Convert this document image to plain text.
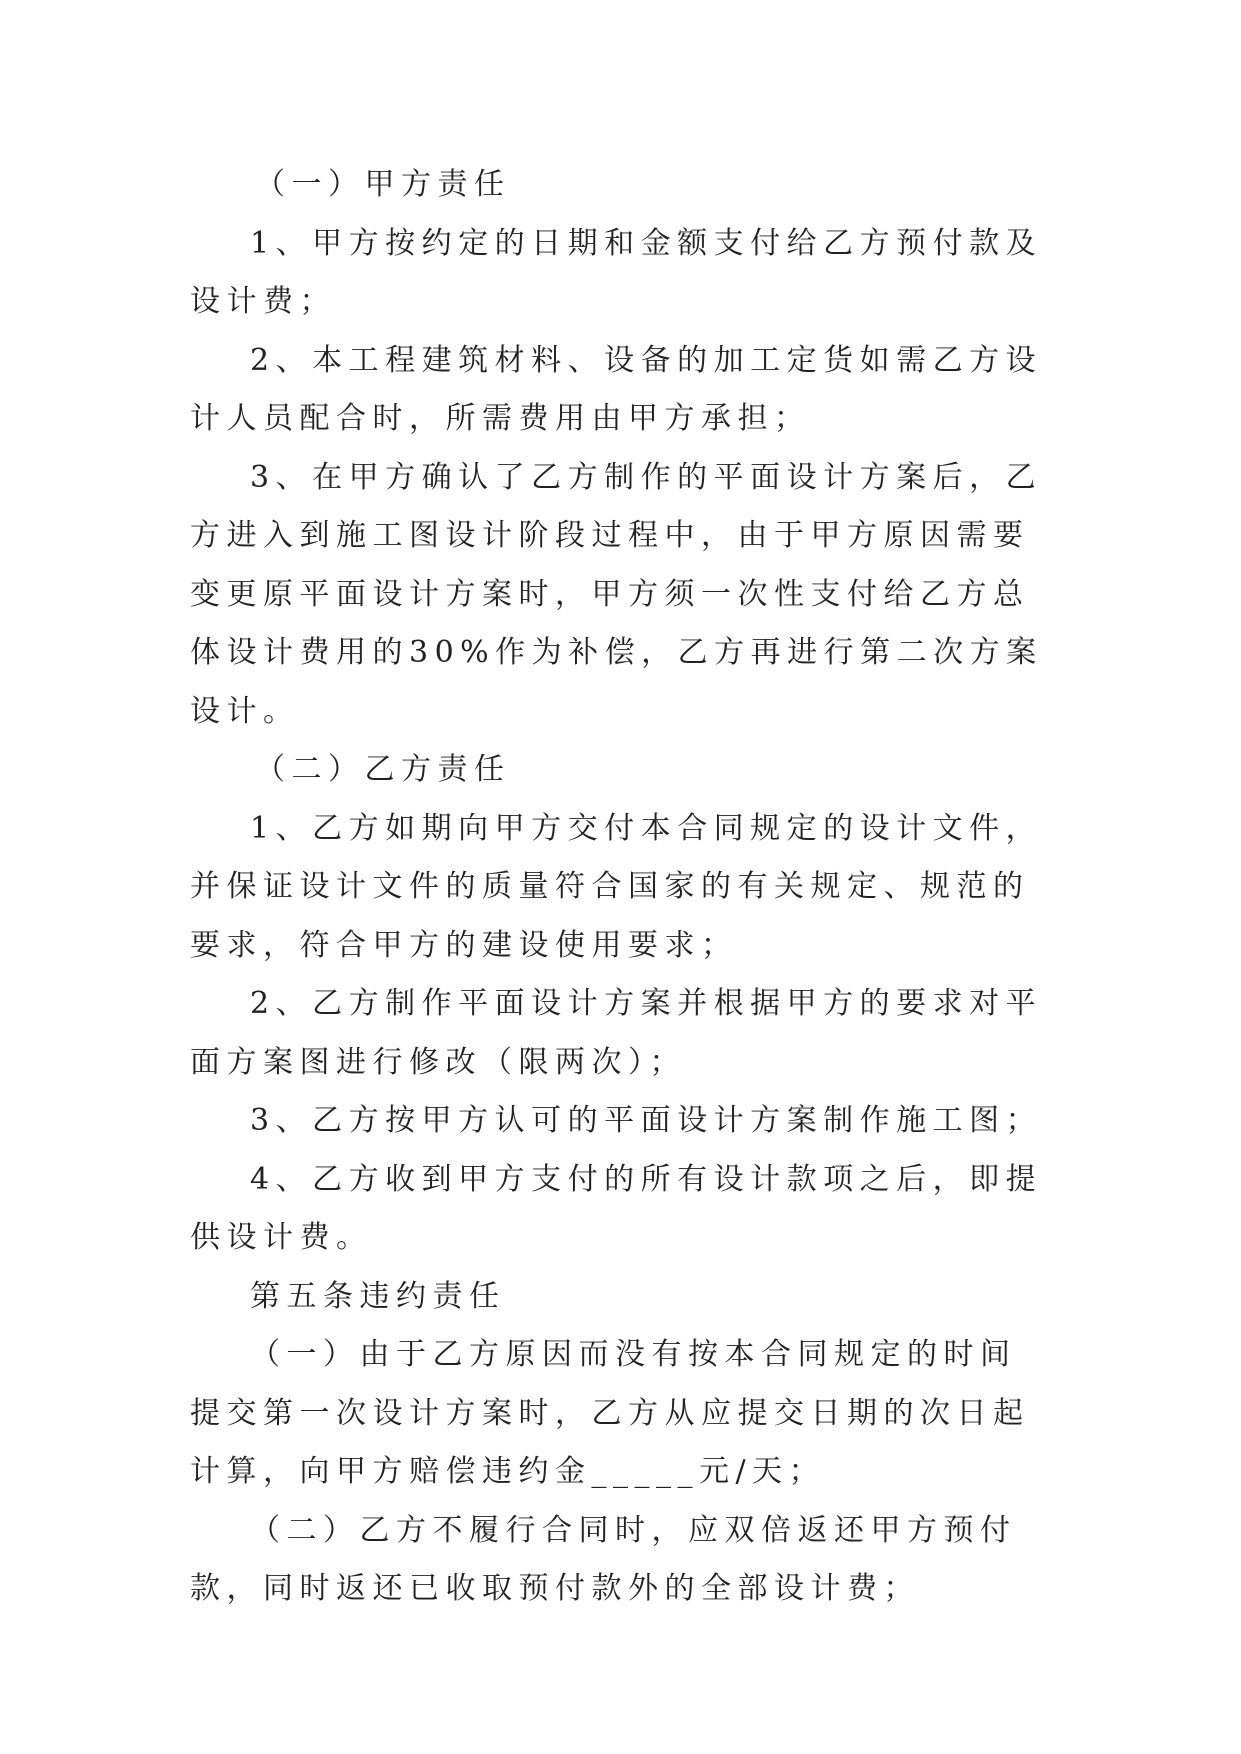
（一）甲方责任

1、甲方按约定的日期和金额支付给乙方预付款及设计费；

2、本工程建筑材料、设备的加工定货如需乙方设计人员配合时，所需费用由甲方承担；

3、在甲方确认了乙方制作的平面设计方案后，乙方进入到施工图设计阶段过程中，由于甲方原因需要变更原平面设计方案时，甲方须一次性支付给乙方总体设计费用的30%作为补偿，乙方再进行第二次方案设计。

（二）乙方责任

1、乙方如期向甲方交付本合同规定的设计文件，并保证设计文件的质量符合国家的有关规定、规范的要求，符合甲方的建设使用要求；

2、乙方制作平面设计方案并根据甲方的要求对平面方案图进行修改（限两次）；

3、乙方按甲方认可的平面设计方案制作施工图；

4、乙方收到甲方支付的所有设计款项之后，即提供设计费。

第五条违约责任

（一）由于乙方原因而没有按本合同规定的时间提交第一次设计方案时，乙方从应提交日期的次日起计算，向甲方赔偿违约金_____元/天；

（二）乙方不履行合同时，应双倍返还甲方预付款，同时返还已收取预付款外的全部设计费；
